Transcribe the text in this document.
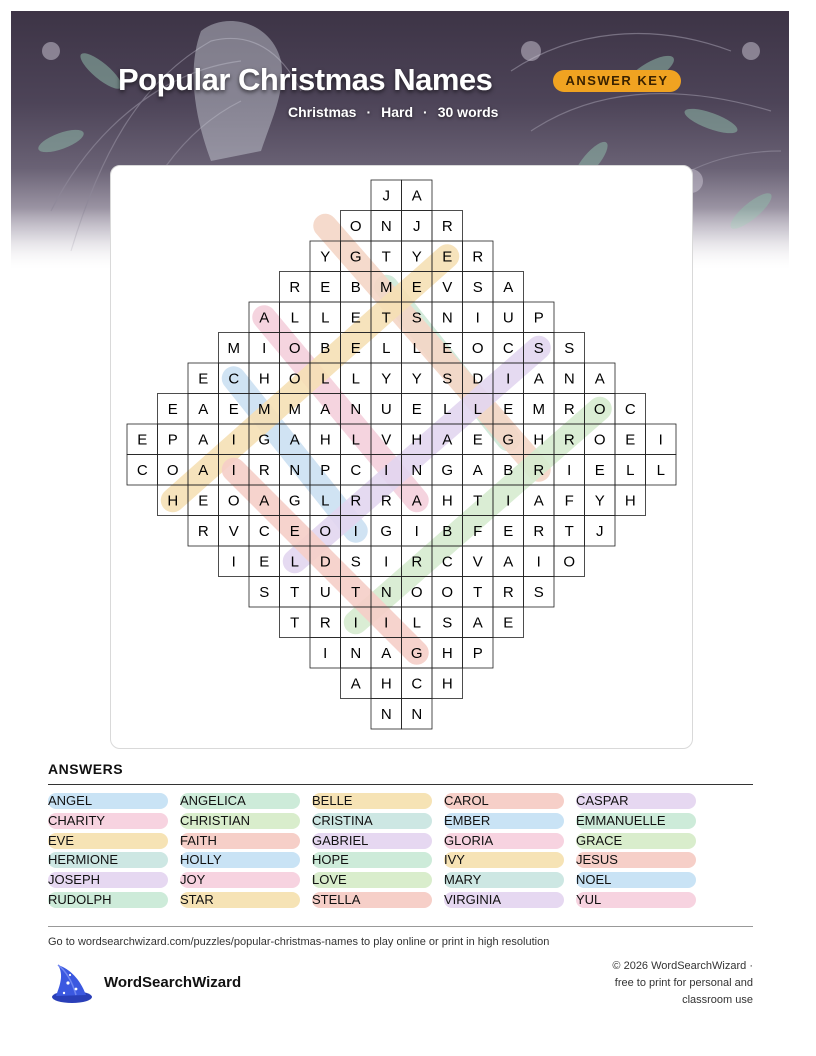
Popular Christmas Names	ANSWER KEY
Christmas · Hard · 30 words
J A
O N J R
Y G T Y E R
R E B M E V S A
A L L E T S N I U P
M I O B E L L E O C S S
E C H O L L Y Y S D I A N A
E A E M M A N U E L L E M R O C
E P A I G A H L V H A E G H R O E I
C O A I R N P C I N G A B R I E L L
H E O A G L R R A H T I A F Y H
R V C E O I G I B F E R T J
I E L D S I R C V A I O
S T U T N O O T R S
T R I I L S A E
I N A G H P
A H C H
N N
ANSWERS
ANGEL	ANGELICA	BELLE	CAROL	CASPAR
CHARITY	CHRISTIAN	CRISTINA	EMBER	EMMANUELLE
EVE	FAITH	GABRIEL	GLORIA	GRACE
HERMIONE	HOLLY	HOPE	IVY	JESUS
JOSEPH	JOY	LOVE	MARY	NOEL
RUDOLPH	STAR	STELLA	VIRGINIA	YUL
Go to wordsearchwizard.com/puzzles/popular-christmas-names to play online or print in high resolution
WordSearchWizard
© 2026 WordSearchWizard ·
free to print for personal and
classroom use
